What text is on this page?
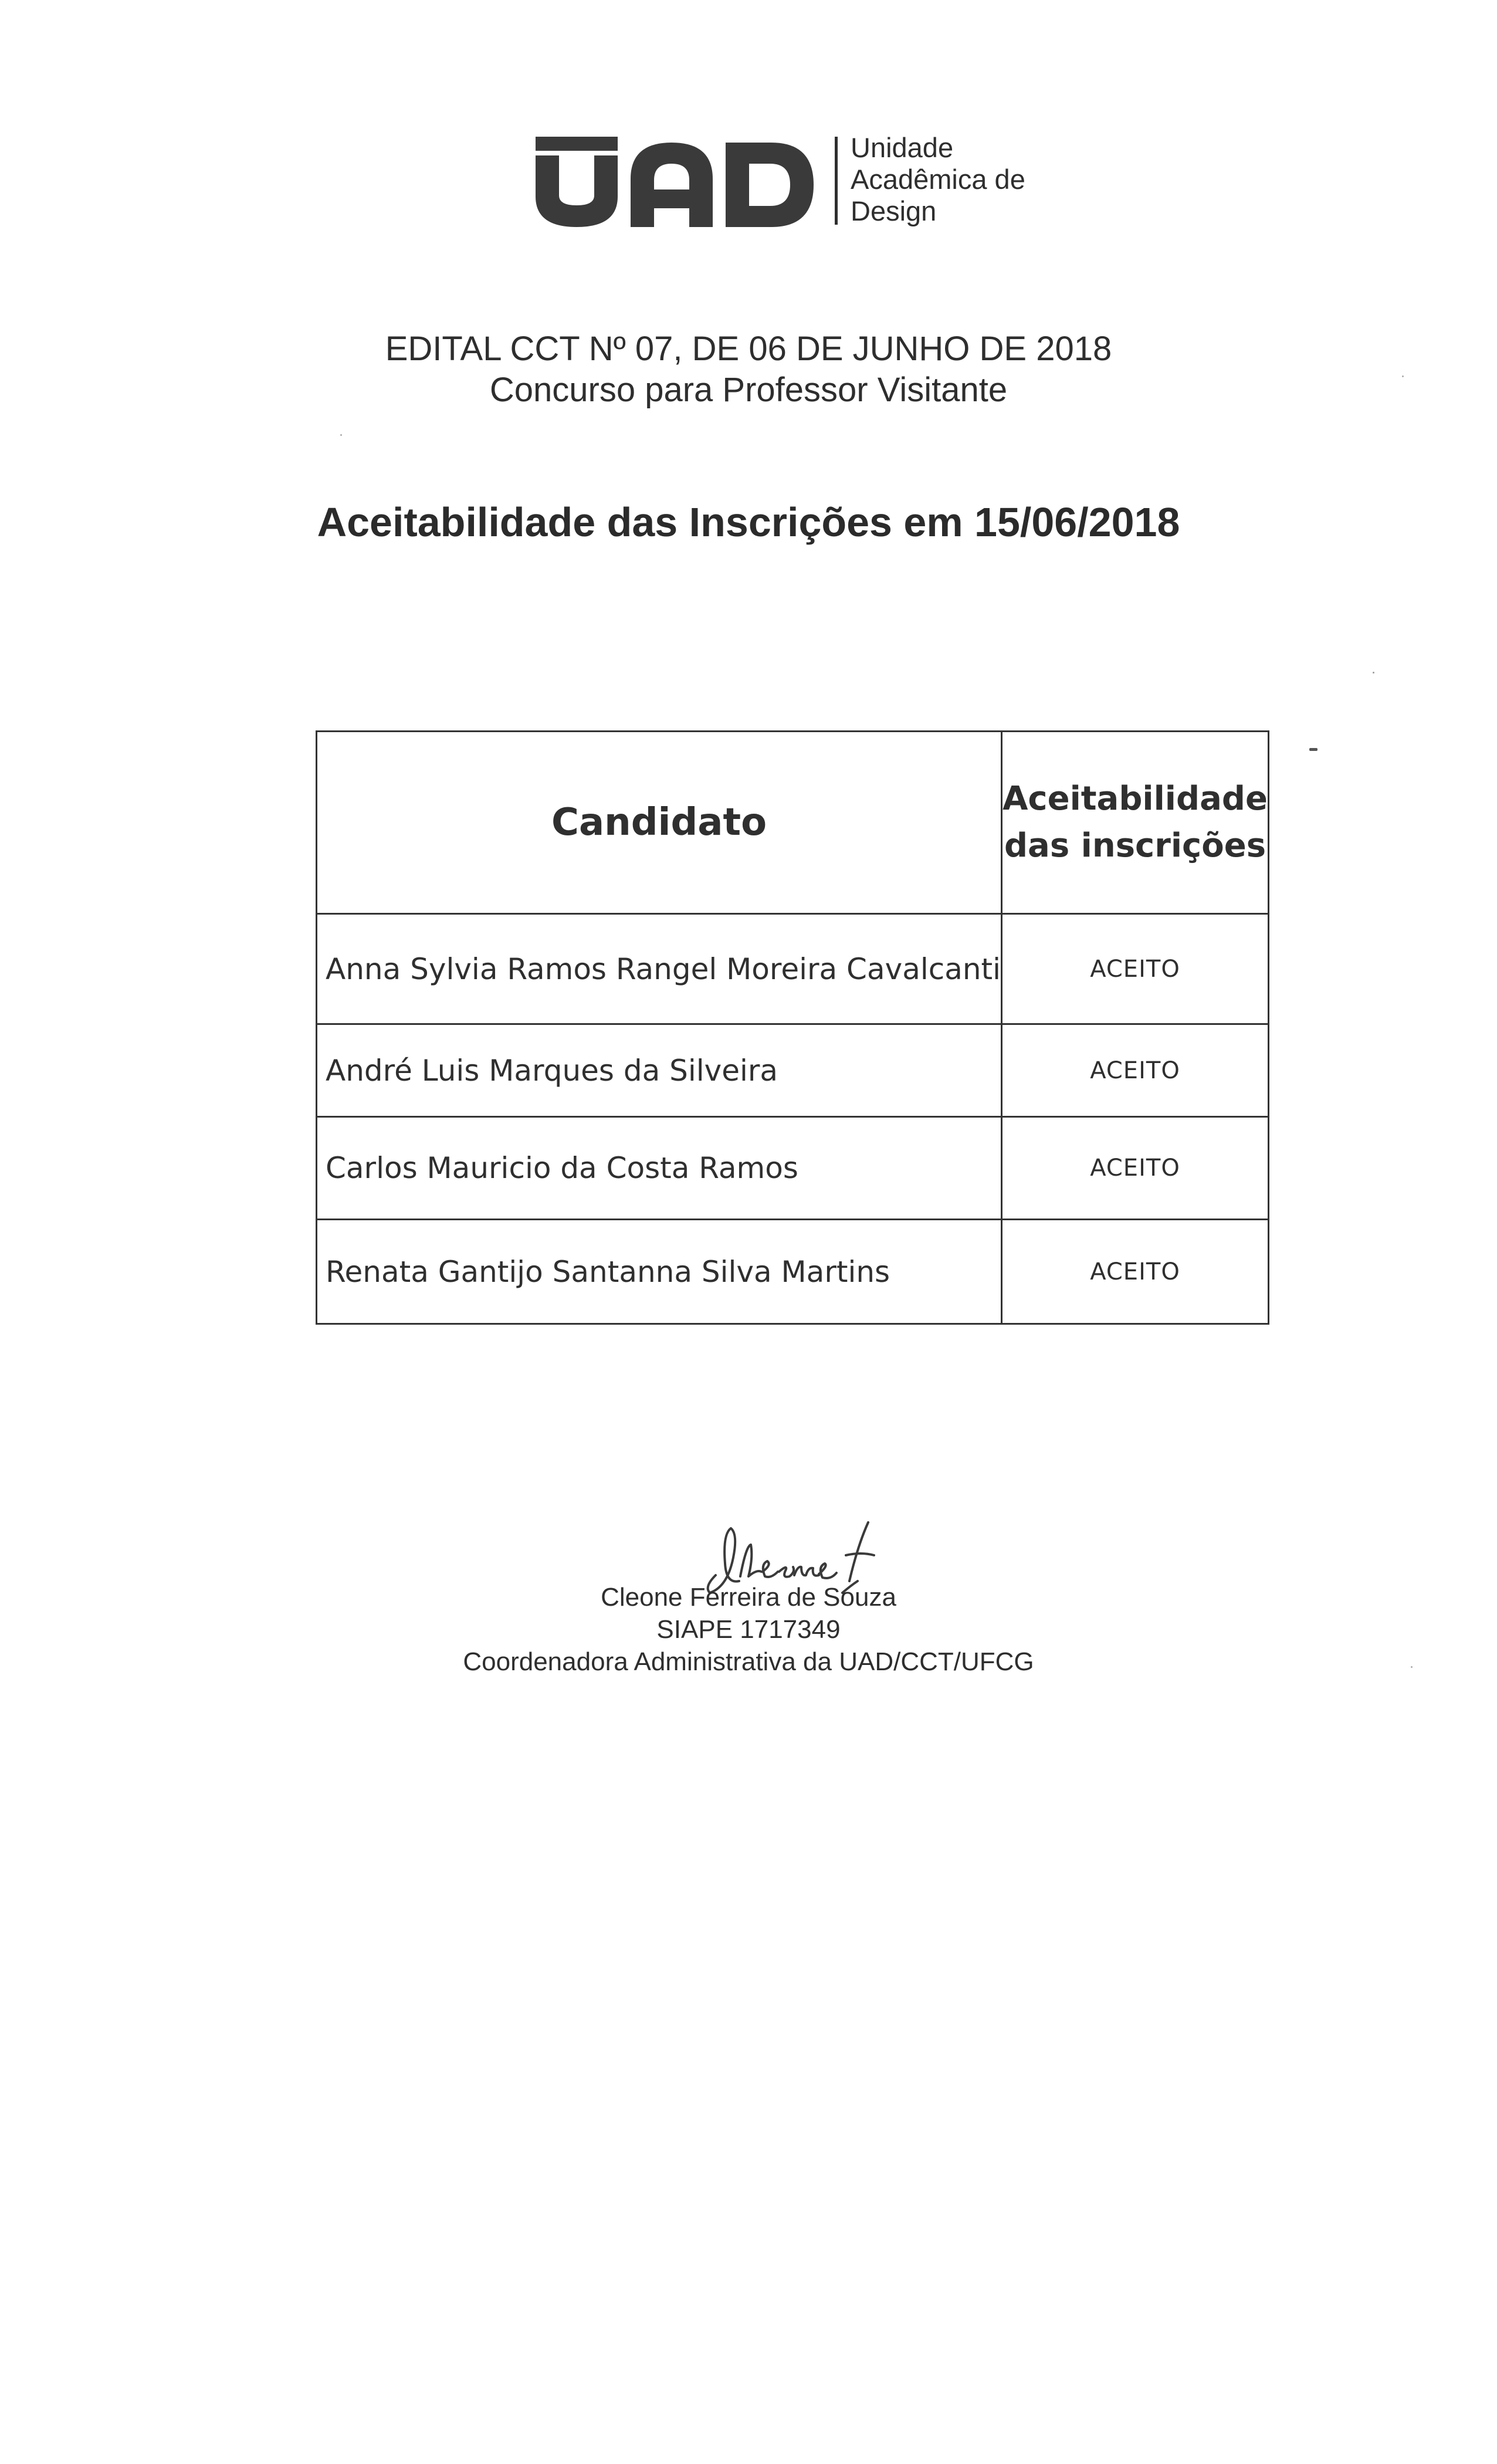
Unidade
Acadêmica de
Design
EDITAL CCT Nº 07, DE 06 DE JUNHO DE 2018
Concurso para Professor Visitante
Aceitabilidade das Inscrições em 15/06/2018
Candidato	Aceitabilidade
das inscrições

Anna Sylvia Ramos Rangel Moreira Cavalcanti	ACEITO
André Luis Marques da Silveira	ACEITO
Carlos Mauricio da Costa Ramos	ACEITO
Renata Gantijo Santanna Silva Martins	ACEITO
Cleone Ferreira de Souza
SIAPE 1717349
Coordenadora Administrativa da UAD/CCT/UFCG
